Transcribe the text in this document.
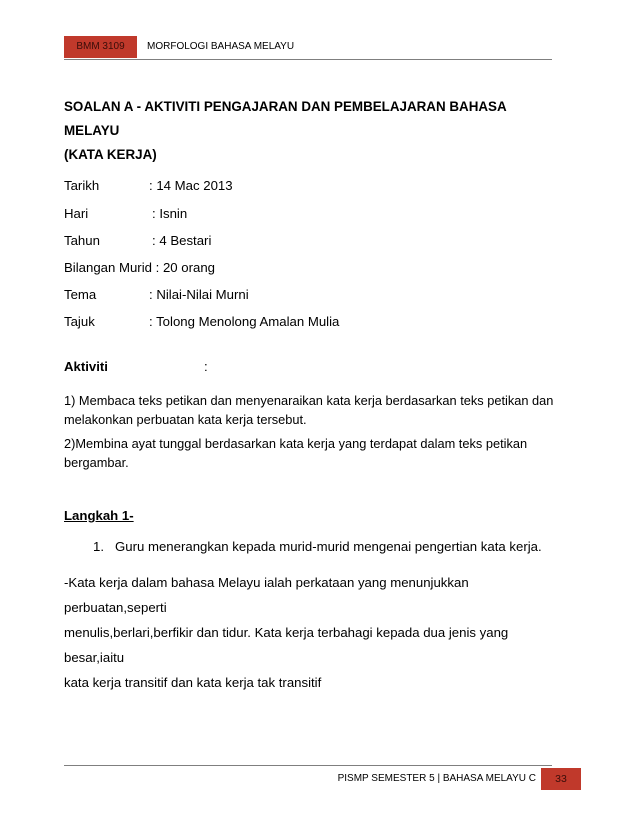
BMM 3109	MORFOLOGI BAHASA MELAYU
SOALAN A - AKTIVITI PENGAJARAN DAN PEMBELAJARAN BAHASA MELAYU
(KATA KERJA)
Tarikh	: 14 Mac 2013
Hari	: Isnin
Tahun	: 4 Bestari
Bilangan Murid : 20 orang
Tema	: Nilai-Nilai Murni
Tajuk	: Tolong Menolong Amalan Mulia
Aktiviti	:
1) Membaca teks petikan dan menyenaraikan kata kerja berdasarkan teks petikan dan
melakonkan perbuatan kata kerja tersebut.
2)Membina ayat tunggal berdasarkan kata kerja yang terdapat dalam teks petikan
bergambar.
Langkah 1-
1. Guru menerangkan kepada murid-murid mengenai pengertian kata kerja.
-Kata kerja dalam bahasa Melayu ialah perkataan yang menunjukkan perbuatan,seperti
menulis,berlari,berfikir dan tidur. Kata kerja terbahagi kepada dua jenis yang besar,iaitu
kata kerja transitif dan kata kerja tak transitif
PISMP SEMESTER 5 | BAHASA MELAYU C	33
